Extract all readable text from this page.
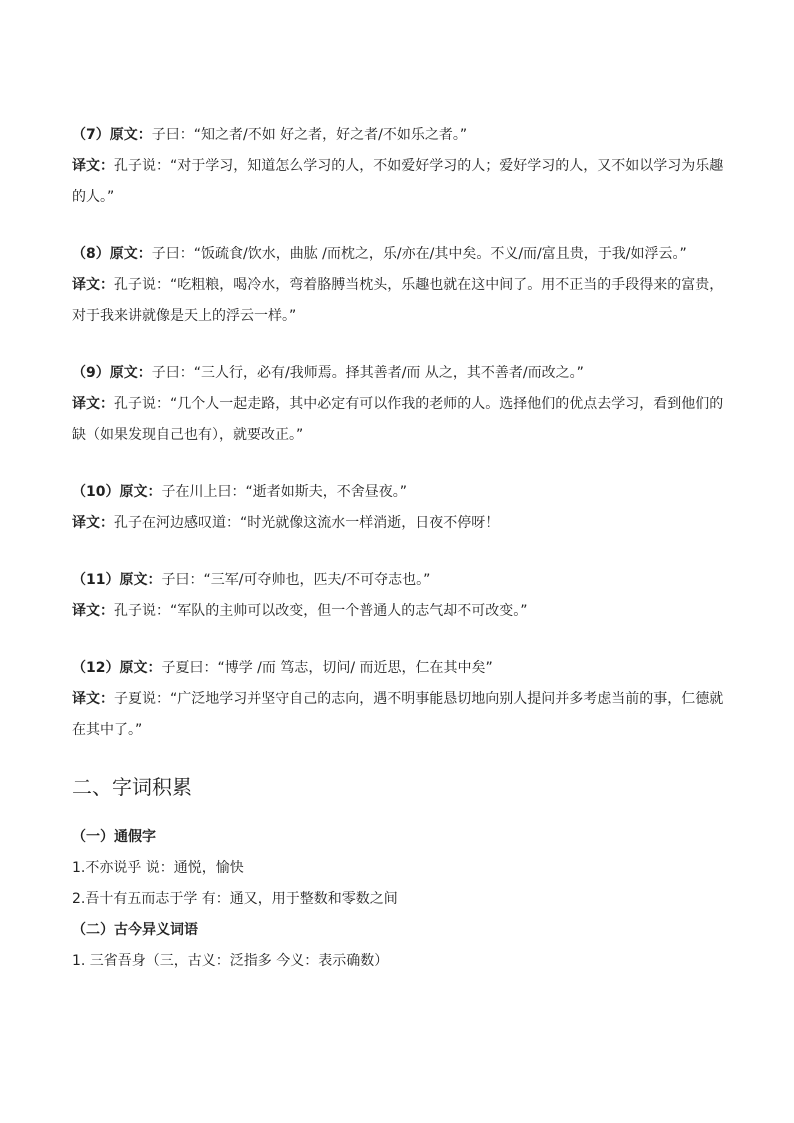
（7）原文：子曰：“知之者/不如 好之者，好之者/不如乐之者。”

译文：孔子说：“对于学习，知道怎么学习的人，不如爱好学习的人；爱好学习的人，又不如以学习为乐趣

的人。”

（8）原文：子曰：“饭疏食/饮水，曲肱 /而枕之，乐/亦在/其中矣。不义/而/富且贵，于我/如浮云。”

译文：孔子说：“吃粗粮，喝冷水，弯着胳膊当枕头，乐趣也就在这中间了。用不正当的手段得来的富贵，

对于我来讲就像是天上的浮云一样。”

（9）原文：子曰：“三人行，必有/我师焉。择其善者/而 从之，其不善者/而改之。”

译文：孔子说：“几个人一起走路，其中必定有可以作我的老师的人。选择他们的优点去学习，看到他们的

缺（如果发现自己也有），就要改正。”

（10）原文：子在川上曰：“逝者如斯夫，不舍昼夜。”

译文：孔子在河边感叹道：“时光就像这流水一样消逝，日夜不停呀！

（11）原文：子曰：“三军/可夺帅也，匹夫/不可夺志也。”

译文：孔子说：“军队的主帅可以改变，但一个普通人的志气却不可改变。”

（12）原文：子夏曰：“博学 /而 笃志，切问/ 而近思，仁在其中矣”

译文：子夏说：“广泛地学习并坚守自己的志向，遇不明事能恳切地向别人提问并多考虑当前的事，仁德就

在其中了。”

二、字词积累

（一）通假字

1.不亦说乎 说：通悦，愉快

2.吾十有五而志于学 有：通又，用于整数和零数之间

（二）古今异义词语

1. 三省吾身（三，古义：泛指多 今义：表示确数）
